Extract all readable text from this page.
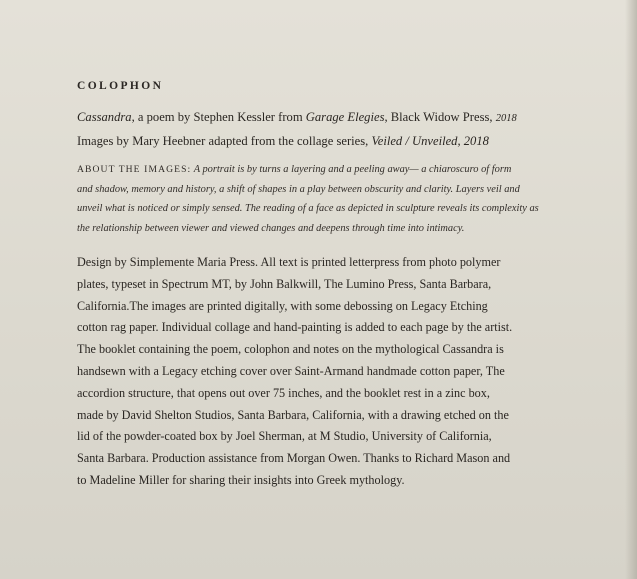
COLOPHON

Cassandra, a poem by Stephen Kessler from Garage Elegies, Black Widow Press, 2018

Images by Mary Heebner adapted from the collage series, Veiled / Unveiled, 2018

ABOUT THE IMAGES: A portrait is by turns a layering and a peeling away— a chiaroscuro of form
and shadow, memory and history, a shift of shapes in a play between obscurity and clarity. Layers veil and
unveil what is noticed or simply sensed. The reading of a face as depicted in sculpture reveals its complexity as
the relationship between viewer and viewed changes and deepens through time into intimacy.
Design by Simplemente Maria Press. All text is printed letterpress from photo polymer
plates, typeset in Spectrum MT, by John Balkwill, The Lumino Press, Santa Barbara,
California.The images are printed digitally, with some debossing on Legacy Etching
cotton rag paper. Individual collage and hand-painting is added to each page by the artist.
The booklet containing the poem, colophon and notes on the mythological Cassandra is
handsewn with a Legacy etching cover over Saint-Armand handmade cotton paper, The
accordion structure, that opens out over 75 inches, and the booklet rest in a zinc box,
made by David Shelton Studios, Santa Barbara, California, with a drawing etched on the
lid of the powder-coated box by Joel Sherman, at M Studio, University of California,
Santa Barbara. Production assistance from Morgan Owen. Thanks to Richard Mason and
to Madeline Miller for sharing their insights into Greek mythology.
